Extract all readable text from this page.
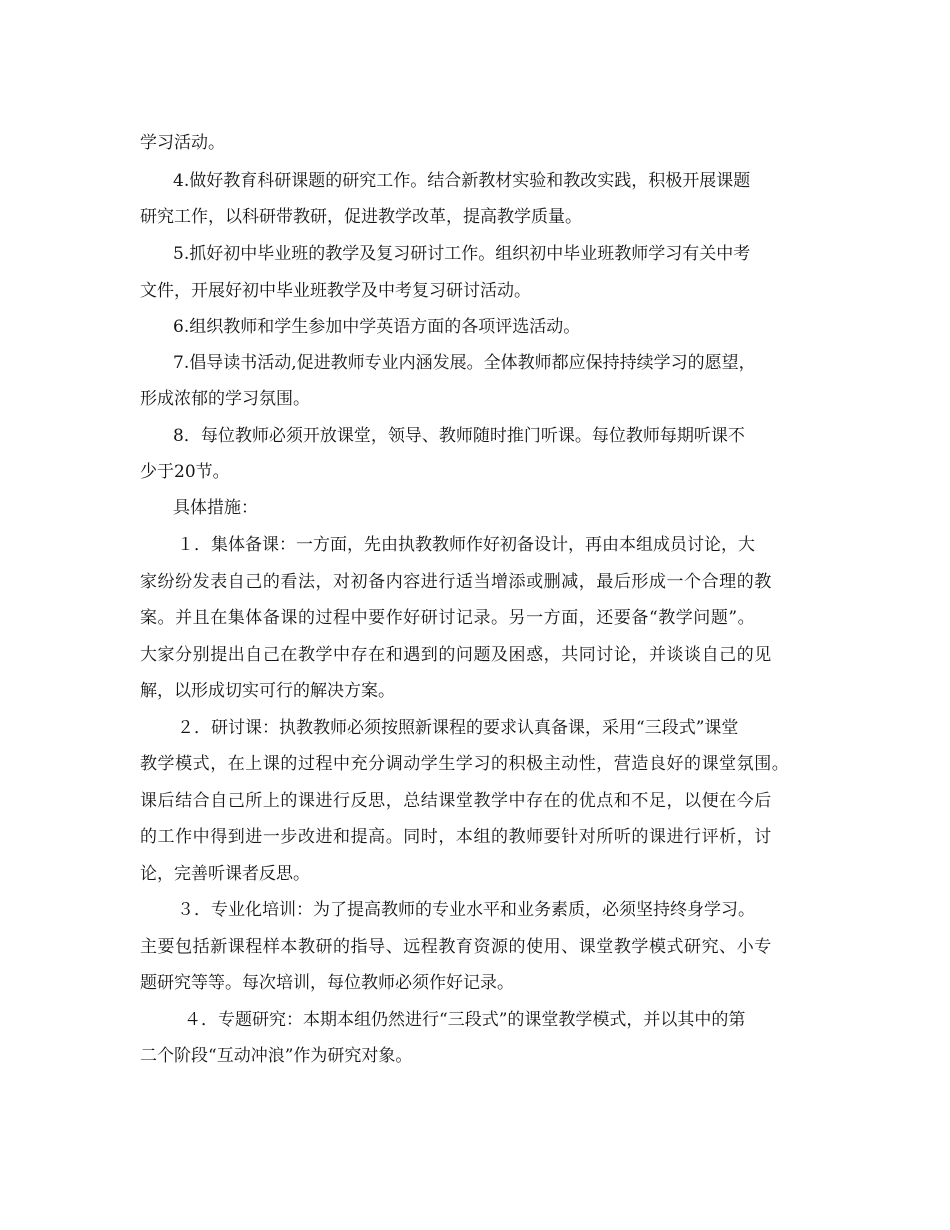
学习活动。
4.做好教育科研课题的研究工作。结合新教材实验和教改实践，积极开展课题
研究工作，以科研带教研，促进教学改革，提高教学质量。
5.抓好初中毕业班的教学及复习研讨工作。组织初中毕业班教师学习有关中考
文件，开展好初中毕业班教学及中考复习研讨活动。
6.组织教师和学生参加中学英语方面的各项评选活动。
7.倡导读书活动,促进教师专业内涵发展。全体教师都应保持持续学习的愿望，
形成浓郁的学习氛围。
8．每位教师必须开放课堂，领导、教师随时推门听课。每位教师每期听课不
少于20节。
具体措施：
１．集体备课：一方面，先由执教教师作好初备设计，再由本组成员讨论，大
家纷纷发表自己的看法，对初备内容进行适当增添或删减，最后形成一个合理的教
案。并且在集体备课的过程中要作好研讨记录。另一方面，还要备“教学问题”。
大家分别提出自己在教学中存在和遇到的问题及困惑，共同讨论，并谈谈自己的见
解，以形成切实可行的解决方案。
２．研讨课：执教教师必须按照新课程的要求认真备课，采用“三段式”课堂
教学模式，在上课的过程中充分调动学生学习的积极主动性，营造良好的课堂氛围。
课后结合自己所上的课进行反思，总结课堂教学中存在的优点和不足，以便在今后
的工作中得到进一步改进和提高。同时，本组的教师要针对所听的课进行评析，讨
论，完善听课者反思。
３．专业化培训：为了提高教师的专业水平和业务素质，必须坚持终身学习。
主要包括新课程样本教研的指导、远程教育资源的使用、课堂教学模式研究、小专
题研究等等。每次培训，每位教师必须作好记录。
４．专题研究：本期本组仍然进行“三段式”的课堂教学模式，并以其中的第
二个阶段“互动冲浪”作为研究对象。
